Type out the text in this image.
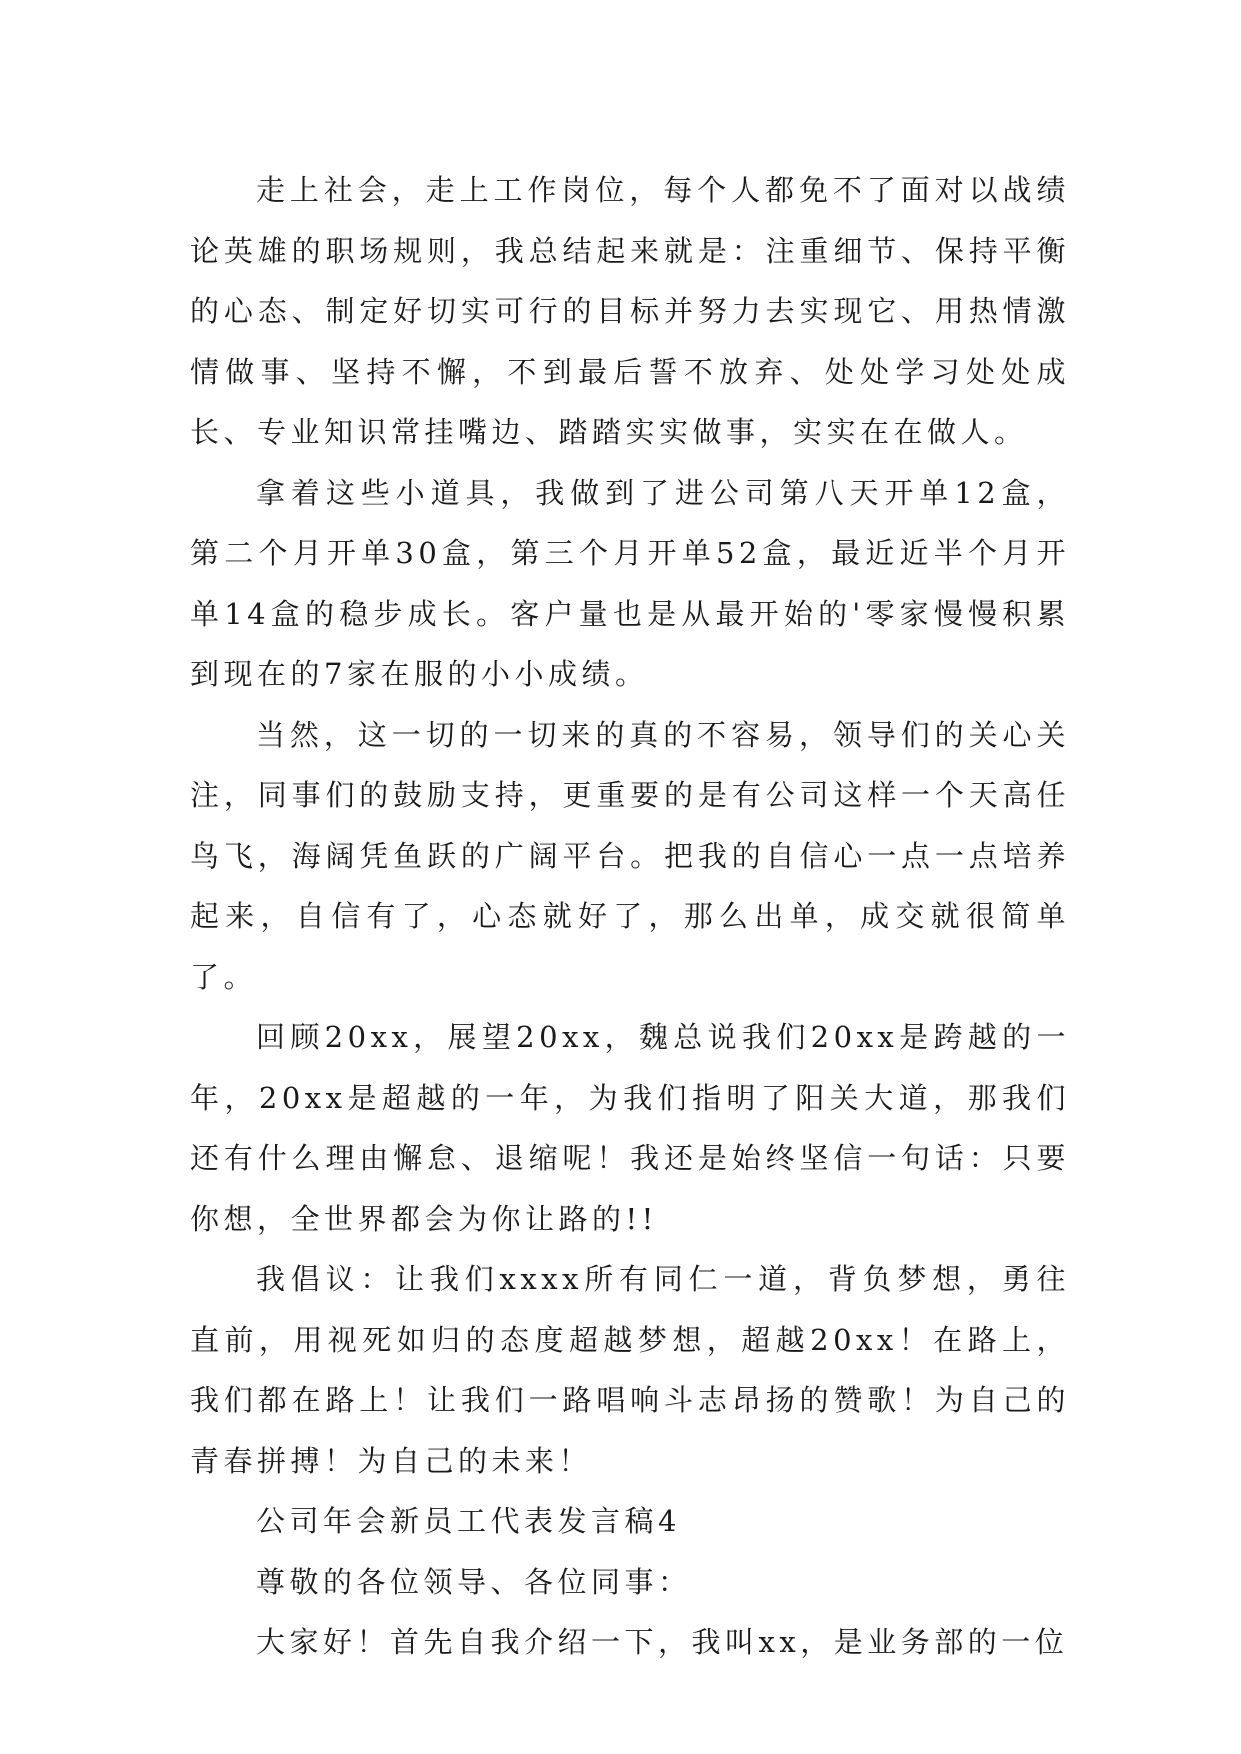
走上社会，走上工作岗位，每个人都免不了面对以战绩论英雄的职场规则，我总结起来就是：注重细节、保持平衡的心态、制定好切实可行的目标并努力去实现它、用热情激情做事、坚持不懈，不到最后誓不放弃、处处学习处处成长、专业知识常挂嘴边、踏踏实实做事，实实在在做人。

拿着这些小道具，我做到了进公司第八天开单12盒，第二个月开单30盒，第三个月开单52盒，最近近半个月开单14盒的稳步成长。客户量也是从最开始的'零家慢慢积累到现在的7家在服的小小成绩。

当然，这一切的一切来的真的不容易，领导们的关心关注，同事们的鼓励支持，更重要的是有公司这样一个天高任鸟飞，海阔凭鱼跃的广阔平台。把我的自信心一点一点培养起来，自信有了，心态就好了，那么出单，成交就很简单了。

回顾20xx，展望20xx，魏总说我们20xx是跨越的一年，20xx是超越的一年，为我们指明了阳关大道，那我们还有什么理由懈怠、退缩呢！我还是始终坚信一句话：只要你想，全世界都会为你让路的!!

我倡议：让我们xxxx所有同仁一道，背负梦想，勇往直前，用视死如归的态度超越梦想，超越20xx！在路上，我们都在路上！让我们一路唱响斗志昂扬的赞歌！为自己的青春拼搏！为自己的未来！

公司年会新员工代表发言稿4

尊敬的各位领导、各位同事：

大家好！首先自我介绍一下，我叫xx，是业务部的一位
